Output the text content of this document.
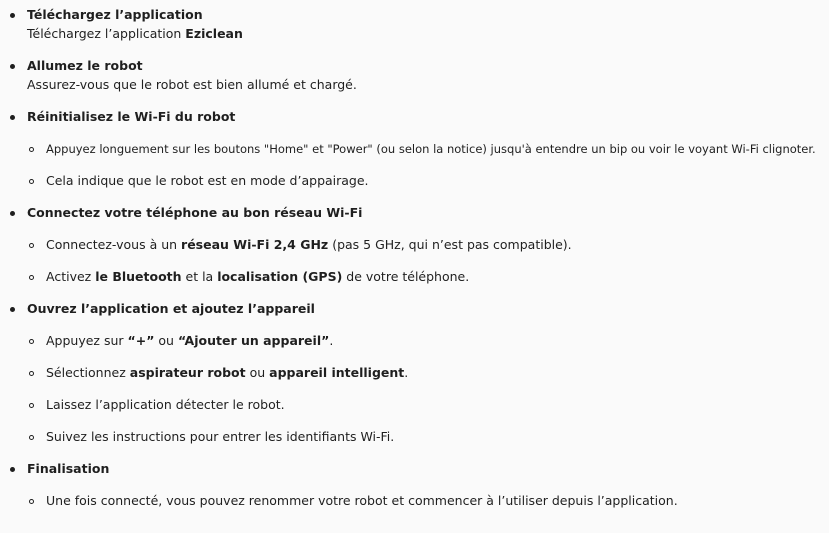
Téléchargez l’application
Téléchargez l’application Eziclean
Allumez le robot
Assurez-vous que le robot est bien allumé et chargé.
Réinitialisez le Wi-Fi du robot
Appuyez longuement sur les boutons "Home" et "Power" (ou selon la notice) jusqu'à entendre un bip ou voir le voyant Wi-Fi clignoter.
Cela indique que le robot est en mode d’appairage.
Connectez votre téléphone au bon réseau Wi-Fi
Connectez-vous à un réseau Wi-Fi 2,4 GHz (pas 5 GHz, qui n’est pas compatible).
Activez le Bluetooth et la localisation (GPS) de votre téléphone.
Ouvrez l’application et ajoutez l’appareil
Appuyez sur “+” ou “Ajouter un appareil”.
Sélectionnez aspirateur robot ou appareil intelligent.
Laissez l’application détecter le robot.
Suivez les instructions pour entrer les identifiants Wi-Fi.
Finalisation
Une fois connecté, vous pouvez renommer votre robot et commencer à l’utiliser depuis l’application.
